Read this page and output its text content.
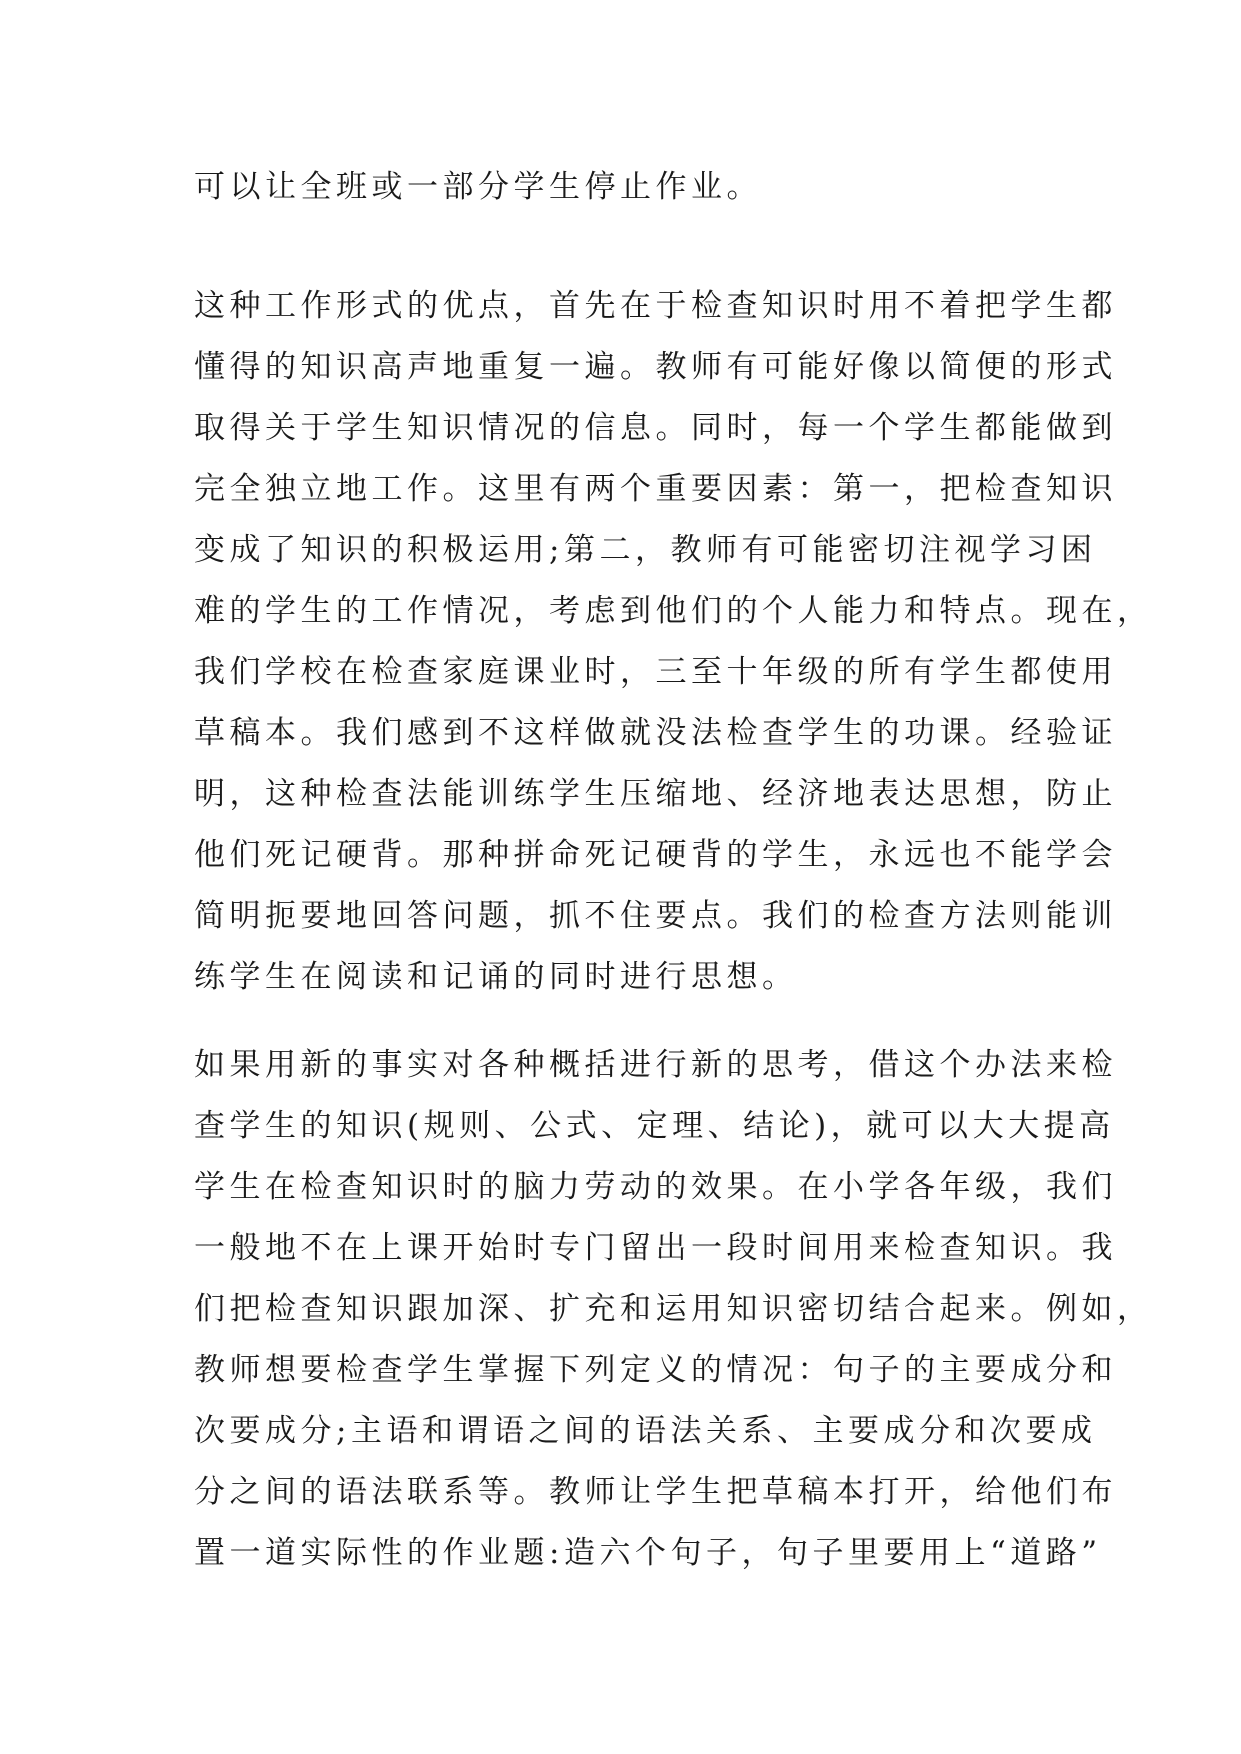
可以让全班或一部分学生停止作业。
这种工作形式的优点，首先在于检查知识时用不着把学生都
懂得的知识高声地重复一遍。教师有可能好像以简便的形式
取得关于学生知识情况的信息。同时，每一个学生都能做到
完全独立地工作。这里有两个重要因素：第一，把检查知识
变成了知识的积极运用;第二，教师有可能密切注视学习困
难的学生的工作情况，考虑到他们的个人能力和特点。现在，
我们学校在检查家庭课业时，三至十年级的所有学生都使用
草稿本。我们感到不这样做就没法检查学生的功课。经验证
明，这种检查法能训练学生压缩地、经济地表达思想，防止
他们死记硬背。那种拼命死记硬背的学生，永远也不能学会
简明扼要地回答问题，抓不住要点。我们的检查方法则能训
练学生在阅读和记诵的同时进行思想。
如果用新的事实对各种概括进行新的思考，借这个办法来检
查学生的知识(规则、公式、定理、结论)，就可以大大提高
学生在检查知识时的脑力劳动的效果。在小学各年级，我们
一般地不在上课开始时专门留出一段时间用来检查知识。我
们把检查知识跟加深、扩充和运用知识密切结合起来。例如，
教师想要检查学生掌握下列定义的情况：句子的主要成分和
次要成分;主语和谓语之间的语法关系、主要成分和次要成
分之间的语法联系等。教师让学生把草稿本打开，给他们布
置一道实际性的作业题:造六个句子，句子里要用上“道路”
